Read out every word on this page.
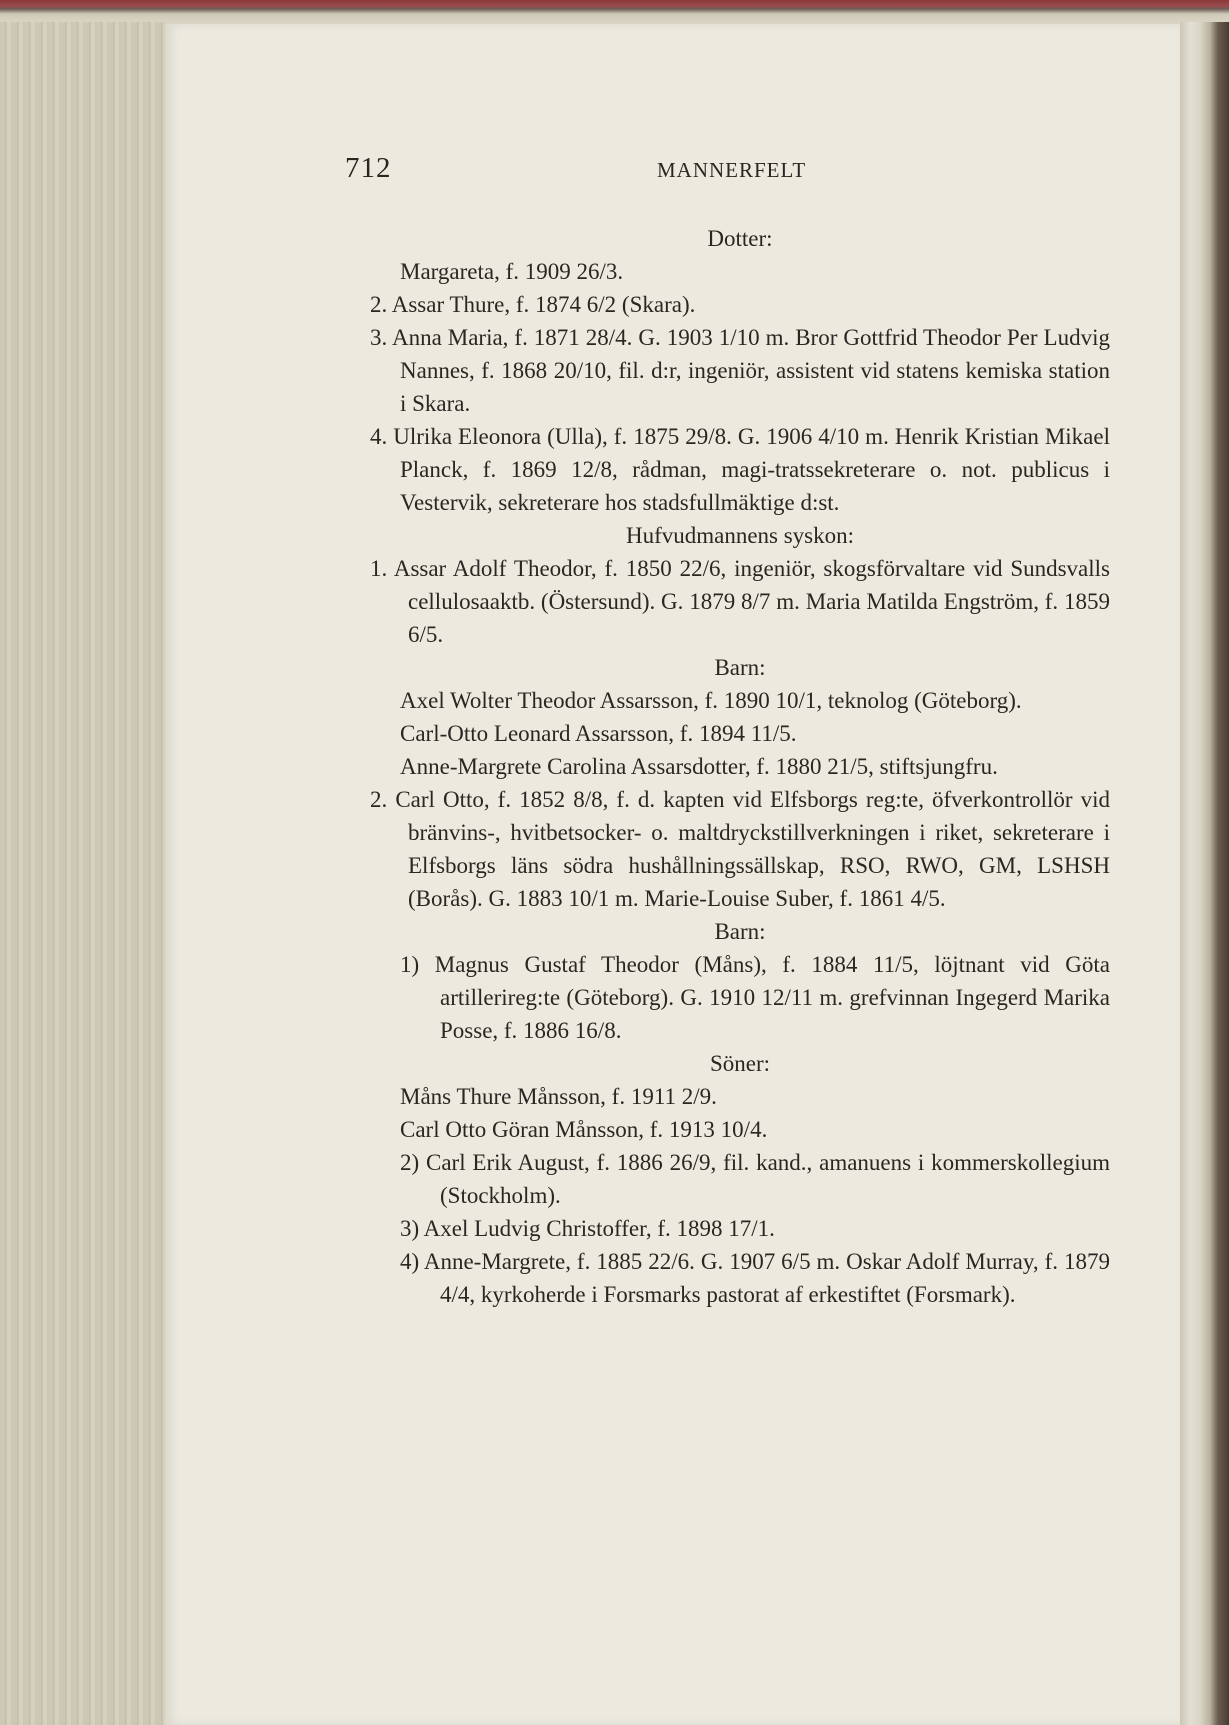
712	MANNERFELT

Dotter:

Margareta, f. 1909 26/3.

2. Assar Thure, f. 1874 6/2 (Skara).

3. Anna Maria, f. 1871 28/4. G. 1903 1/10 m. Bror Gottfrid Theodor Per Ludvig Nannes, f. 1868 20/10, fil. d:r, ingeniör, assistent vid statens kemiska station i Skara.

4. Ulrika Eleonora (Ulla), f. 1875 29/8. G. 1906 4/10 m. Henrik Kristian Mikael Planck, f. 1869 12/8, rådman, magi-tratssekreterare o. not. publicus i Vestervik, sekreterare hos stadsfullmäktige d:st.

Hufvudmannens syskon:

1. Assar Adolf Theodor, f. 1850 22/6, ingeniör, skogsförvaltare vid Sundsvalls cellulosaaktb. (Östersund). G. 1879 8/7 m. Maria Matilda Engström, f. 1859 6/5.

Barn:

Axel Wolter Theodor Assarsson, f. 1890 10/1, teknolog (Göteborg).

Carl-Otto Leonard Assarsson, f. 1894 11/5.

Anne-Margrete Carolina Assarsdotter, f. 1880 21/5, stiftsjungfru.

2. Carl Otto, f. 1852 8/8, f. d. kapten vid Elfsborgs reg:te, öfverkontrollör vid bränvins-, hvitbetsocker- o. maltdryckstillverkningen i riket, sekreterare i Elfsborgs läns södra hushållningssällskap, RSO, RWO, GM, LSHSH (Borås). G. 1883 10/1 m. Marie-Louise Suber, f. 1861 4/5.

Barn:

1) Magnus Gustaf Theodor (Måns), f. 1884 11/5, löjtnant vid Göta artillerireg:te (Göteborg). G. 1910 12/11 m. grefvinnan Ingegerd Marika Posse, f. 1886 16/8.

Söner:

Måns Thure Månsson, f. 1911 2/9.

Carl Otto Göran Månsson, f. 1913 10/4.

2) Carl Erik August, f. 1886 26/9, fil. kand., amanuens i kommerskollegium (Stockholm).

3) Axel Ludvig Christoffer, f. 1898 17/1.

4) Anne-Margrete, f. 1885 22/6. G. 1907 6/5 m. Oskar Adolf Murray, f. 1879 4/4, kyrkoherde i Forsmarks pastorat af erkestiftet (Forsmark).
